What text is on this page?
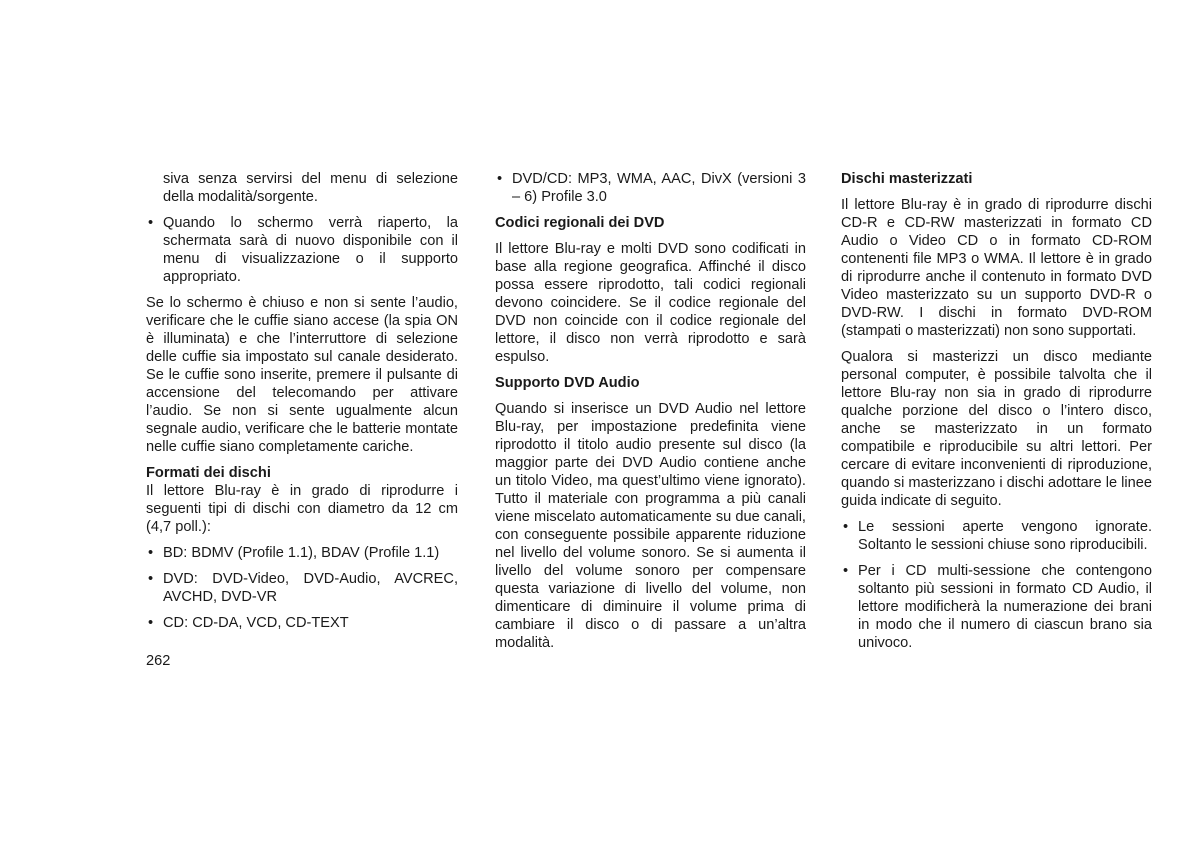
siva senza servirsi del menu di selezione della modalità/sorgente.

• Quando lo schermo verrà riaperto, la schermata sarà di nuovo disponibile con il menu di visualizzazione o il supporto appropriato.

Se lo schermo è chiuso e non si sente l’audio, verificare che le cuffie siano accese (la spia ON è illuminata) e che l’interruttore di selezione delle cuffie sia impostato sul canale desiderato. Se le cuffie sono inserite, premere il pulsante di accensione del telecomando per attivare l’audio. Se non si sente ugualmente alcun segnale audio, verificare che le batterie montate nelle cuffie siano completamente cariche.

Formati dei dischi

Il lettore Blu-ray è in grado di riprodurre i seguenti tipi di dischi con diametro da 12 cm (4,7 poll.):

• BD: BDMV (Profile 1.1), BDAV (Profile 1.1)
• DVD: DVD-Video, DVD-Audio, AVCREC, AVCHD, DVD-VR
• CD: CD-DA, VCD, CD-TEXT
• DVD/CD: MP3, WMA, AAC, DivX (versioni 3 – 6) Profile 3.0
Codici regionali dei DVD

Il lettore Blu-ray e molti DVD sono codificati in base alla regione geografica. Affinché il disco possa essere riprodotto, tali codici regionali devono coincidere. Se il codice regionale del DVD non coincide con il codice regionale del lettore, il disco non verrà riprodotto e sarà espulso.

Supporto DVD Audio

Quando si inserisce un DVD Audio nel lettore Blu-ray, per impostazione predefinita viene riprodotto il titolo audio presente sul disco (la maggior parte dei DVD Audio contiene anche un titolo Video, ma quest’ultimo viene ignorato). Tutto il materiale con programma a più canali viene miscelato automaticamente su due canali, con conseguente possibile apparente riduzione nel livello del volume sonoro. Se si aumenta il livello del volume sonoro per compensare questa variazione di livello del volume, non dimenticare di diminuire il volume prima di cambiare il disco o di passare a un’altra modalità.

Dischi masterizzati

Il lettore Blu-ray è in grado di riprodurre dischi CD-R e CD-RW masterizzati in formato CD Audio o Video CD o in formato CD-ROM contenenti file MP3 o WMA. Il lettore è in grado di riprodurre anche il contenuto in formato DVD Video masterizzato su un supporto DVD-R o DVD-RW. I dischi in formato DVD-ROM (stampati o masterizzati) non sono supportati.

Qualora si masterizzi un disco mediante personal computer, è possibile talvolta che il lettore Blu-ray non sia in grado di riprodurre qualche porzione del disco o l’intero disco, anche se masterizzato in un formato compatibile e riproducibile su altri lettori. Per cercare di evitare inconvenienti di riproduzione, quando si masterizzano i dischi adottare le linee guida indicate di seguito.

• Le sessioni aperte vengono ignorate. Soltanto le sessioni chiuse sono riproducibili.
• Per i CD multi-sessione che contengono soltanto più sessioni in formato CD Audio, il lettore modificherà la numerazione dei brani in modo che il numero di ciascun brano sia univoco.
262
